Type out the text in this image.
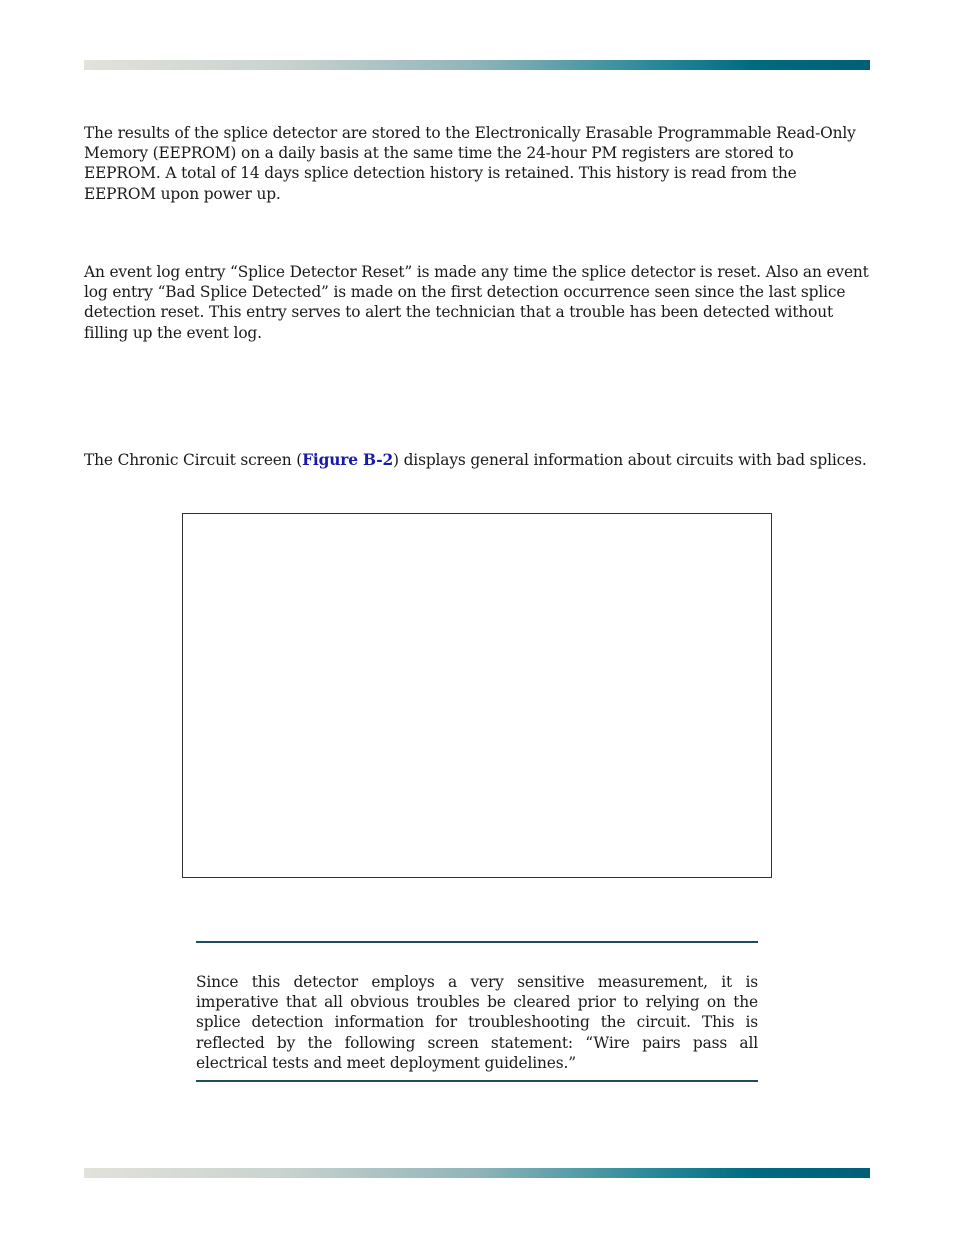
The results of the splice detector are stored to the Electronically Erasable Programmable Read-Only Memory (EEPROM) on a daily basis at the same time the 24-hour PM registers are stored to EEPROM. A total of 14 days splice detection history is retained. This history is read from the EEPROM upon power up.

An event log entry “Splice Detector Reset” is made any time the splice detector is reset. Also an event log entry “Bad Splice Detected” is made on the first detection occurrence seen since the last splice detection reset. This entry serves to alert the technician that a trouble has been detected without filling up the event log.

The Chronic Circuit screen (Figure B-2) displays general information about circuits with bad splices.

Since this detector employs a very sensitive measurement, it is imperative that all obvious troubles be cleared prior to relying on the splice detection information for troubleshooting the circuit. This is reflected by the following screen statement: “Wire pairs pass all electrical tests and meet deployment guidelines.”
